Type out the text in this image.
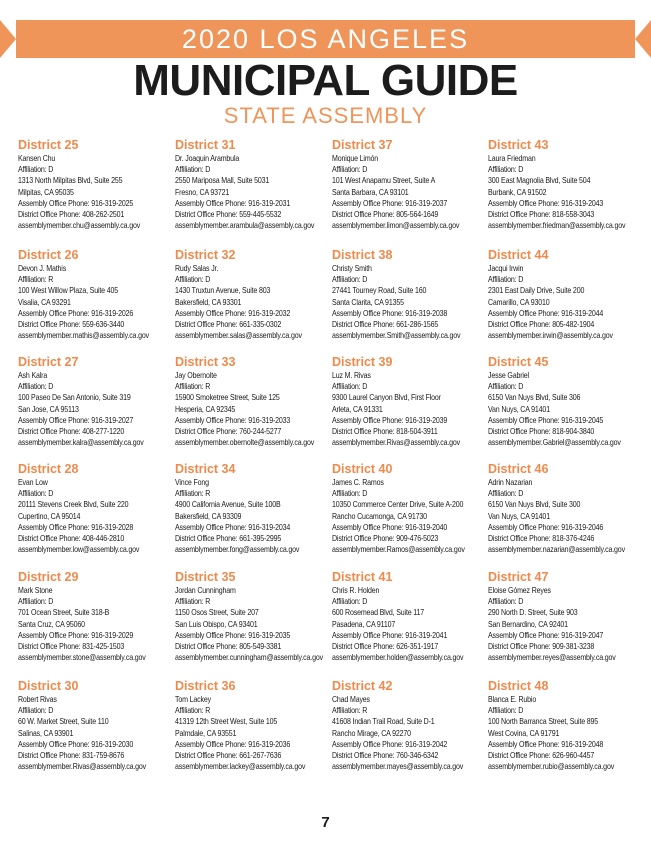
2020 LOS ANGELES
MUNICIPAL GUIDE
STATE ASSEMBLY
District 25
Kansen Chu
Affiliation: D
1313 North Milpitas Blvd, Suite 255
Milpitas, CA 95035
Assembly Office Phone: 916-319-2025
District Office Phone: 408-262-2501
assemblymember.chu@assembly.ca.gov
District 26
Devon J. Mathis
Affiliation: R
100 West Willow Plaza, Suite 405
Visalia, CA 93291
Assembly Office Phone: 916-319-2026
District Office Phone: 559-636-3440
assemblymember.mathis@assembly.ca.gov
District 27
Ash Kalra
Affiliation: D
100 Paseo De San Antonio, Suite 319
San Jose, CA 95113
Assembly Office Phone: 916-319-2027
District Office Phone: 408-277-1220
assemblymember.kalra@assembly.ca.gov
District 28
Evan Low
Affiliation: D
20111 Stevens Creek Blvd, Suite 220
Cupertino, CA 95014
Assembly Office Phone: 916-319-2028
District Office Phone: 408-446-2810
assemblymember.low@assembly.ca.gov
District 29
Mark Stone
Affiliation: D
701 Ocean Street, Suite 318-B
Santa Cruz, CA 95060
Assembly Office Phone: 916-319-2029
District Office Phone: 831-425-1503
assemblymember.stone@assembly.ca.gov
District 30
Robert Rivas
Affiliation: D
60 W. Market Street, Suite 110
Salinas, CA 93901
Assembly Office Phone: 916-319-2030
District Office Phone: 831-759-8676
assemblymember.Rivas@assembly.ca.gov
District 31
Dr. Joaquin Arambula
Affiliation: D
2550 Mariposa Mall, Suite 5031
Fresno, CA 93721
Assembly Office Phone: 916-319-2031
District Office Phone: 559-445-5532
assemblymember.arambula@assembly.ca.gov
District 32
Rudy Salas Jr.
Affiliation: D
1430 Truxtun Avenue, Suite 803
Bakersfield, CA 93301
Assembly Office Phone: 916-319-2032
District Office Phone: 661-335-0302
assemblymember.salas@assembly.ca.gov
District 33
Jay Obernolte
Affiliation: R
15900 Smoketree Street, Suite 125
Hesperia, CA 92345
Assembly Office Phone: 916-319-2033
District Office Phone: 760-244-5277
assemblymember.obernolte@assembly.ca.gov
District 34
Vince Fong
Affiliation: R
4900 California Avenue, Suite 100B
Bakersfield, CA 93309
Assembly Office Phone: 916-319-2034
District Office Phone: 661-395-2995
assemblymember.fong@assembly.ca.gov
District 35
Jordan Cunningham
Affiliation: R
1150 Osos Street, Suite 207
San Luis Obispo, CA 93401
Assembly Office Phone: 916-319-2035
District Office Phone: 805-549-3381
assemblymember.cunningham@assembly.ca.gov
District 36
Tom Lackey
Affiliation: R
41319 12th Street West, Suite 105
Palmdale, CA 93551
Assembly Office Phone: 916-319-2036
District Office Phone: 661-267-7636
assemblymember.lackey@assembly.ca.gov
District 37
Monique Limón
Affiliation: D
101 West Anapamu Street, Suite A
Santa Barbara, CA 93101
Assembly Office Phone: 916-319-2037
District Office Phone: 805-564-1649
assemblymember.limon@assembly.ca.gov
District 38
Christy Smith
Affiliation: D
27441 Tourney Road, Suite 160
Santa Clarita, CA 91355
Assembly Office Phone: 916-319-2038
District Office Phone: 661-286-1565
assemblymember.Smith@assembly.ca.gov
District 39
Luz M. Rivas
Affiliation: D
9300 Laurel Canyon Blvd, First Floor
Arleta, CA 91331
Assembly Office Phone: 916-319-2039
District Office Phone: 818-504-3911
assemblymember.Rivas@assembly.ca.gov
District 40
James C. Ramos
Affiliation: D
10350 Commerce Center Drive, Suite A-200
Rancho Cucamonga, CA 91730
Assembly Office Phone: 916-319-2040
District Office Phone: 909-476-5023
assemblymember.Ramos@assembly.ca.gov
District 41
Chris R. Holden
Affiliation: D
600 Rosemead Blvd, Suite 117
Pasadena, CA 91107
Assembly Office Phone: 916-319-2041
District Office Phone: 626-351-1917
assemblymember.holden@assembly.ca.gov
District 42
Chad Mayes
Affiliation: R
41608 Indian Trail Road, Suite D-1
Rancho Mirage, CA 92270
Assembly Office Phone: 916-319-2042
District Office Phone: 760-346-6342
assemblymember.mayes@assembly.ca.gov
District 43
Laura Friedman
Affiliation: D
300 East Magnolia Blvd, Suite 504
Burbank, CA 91502
Assembly Office Phone: 916-319-2043
District Office Phone: 818-558-3043
assemblymember.friedman@assembly.ca.gov
District 44
Jacqui Irwin
Affiliation: D
2301 East Daily Drive, Suite 200
Camarillo, CA 93010
Assembly Office Phone: 916-319-2044
District Office Phone: 805-482-1904
assemblymember.irwin@assembly.ca.gov
District 45
Jesse Gabriel
Affiliation: D
6150 Van Nuys Blvd, Suite 306
Van Nuys, CA 91401
Assembly Office Phone: 916-319-2045
District Office Phone: 818-904-3840
assemblymember.Gabriel@assembly.ca.gov
District 46
Adrin Nazarian
Affiliation: D
6150 Van Nuys Blvd, Suite 300
Van Nuys, CA 91401
Assembly Office Phone: 916-319-2046
District Office Phone: 818-376-4246
assemblymember.nazarian@assembly.ca.gov
District 47
Eloise Gómez Reyes
Affiliation: D
290 North D. Street, Suite 903
San Bernardino, CA 92401
Assembly Office Phone: 916-319-2047
District Office Phone: 909-381-3238
assemblymember.reyes@assembly.ca.gov
District 48
Blanca E. Rubio
Affiliation: D
100 North Barranca Street, Suite 895
West Covina, CA 91791
Assembly Office Phone: 916-319-2048
District Office Phone: 626-960-4457
assemblymember.rubio@assembly.ca.gov
7
